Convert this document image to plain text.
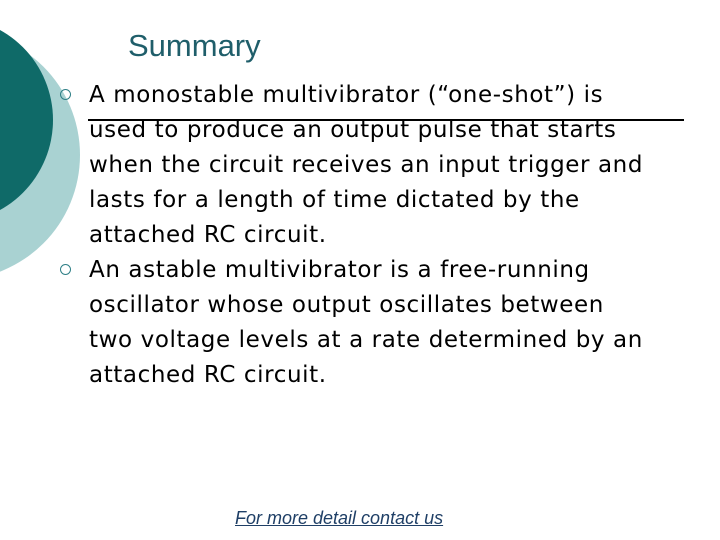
Summary
A monostable multivibrator (“one-shot”) is used to produce an output pulse that starts when the circuit receives an input trigger and lasts for a length of time dictated by the attached RC circuit.
An astable multivibrator is a free-running oscillator whose output oscillates between two voltage levels at a rate determined by an attached RC circuit.
For more detail contact us
